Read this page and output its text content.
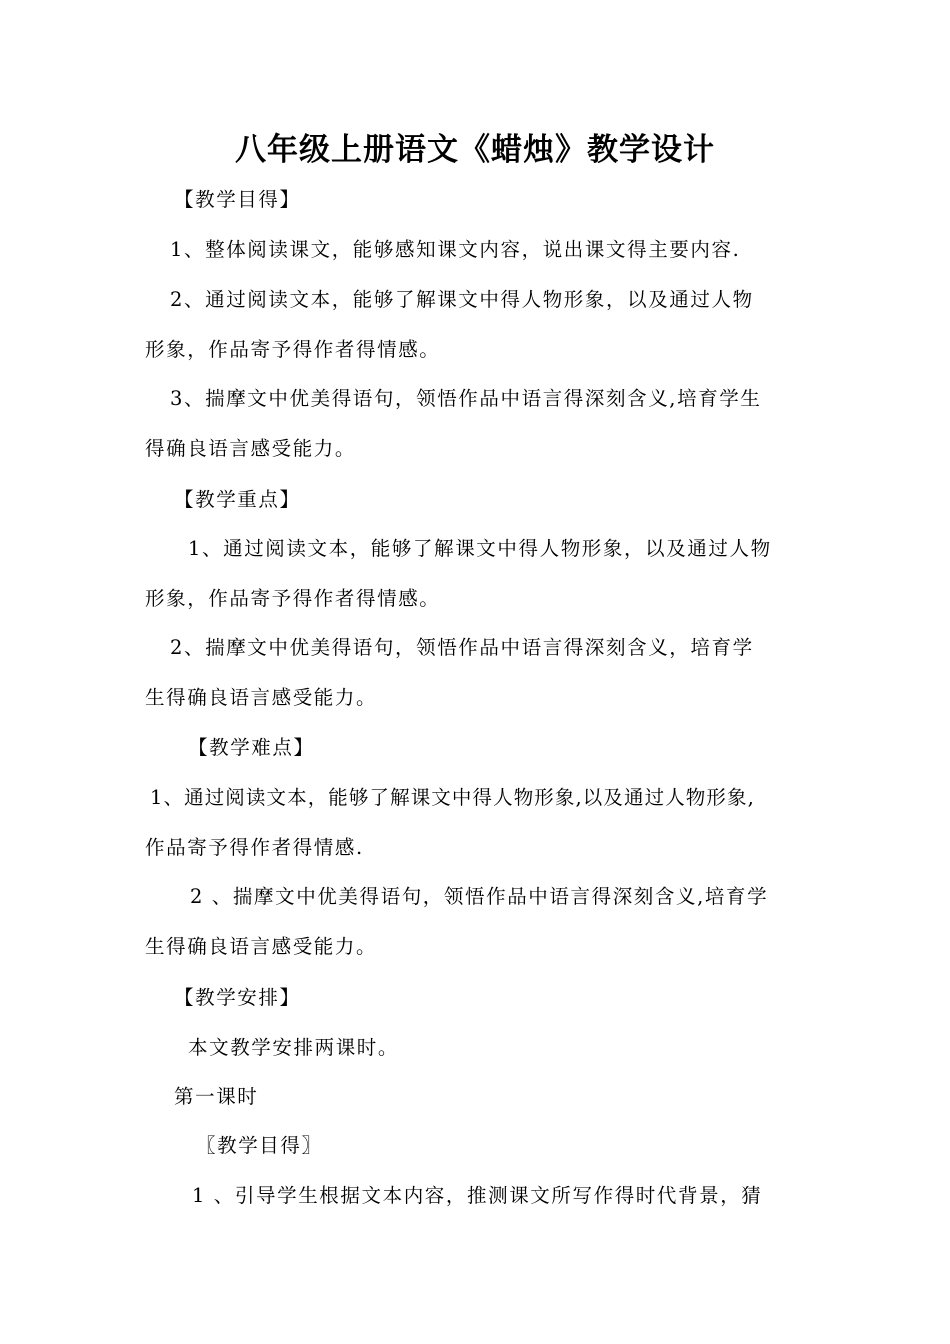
八年级上册语文《蜡烛》教学设计
【教学目得】
1、整体阅读课文，能够感知课文内容，说出课文得主要内容.
2、通过阅读文本，能够了解课文中得人物形象，以及通过人物
形象，作品寄予得作者得情感。
3、揣摩文中优美得语句，领悟作品中语言得深刻含义,培育学生
得确良语言感受能力。
【教学重点】
1、通过阅读文本，能够了解课文中得人物形象，以及通过人物
形象，作品寄予得作者得情感。
2、揣摩文中优美得语句，领悟作品中语言得深刻含义，培育学
生得确良语言感受能力。
【教学难点】
1、通过阅读文本，能够了解课文中得人物形象,以及通过人物形象,
作品寄予得作者得情感.
2 、揣摩文中优美得语句，领悟作品中语言得深刻含义,培育学
生得确良语言感受能力。
【教学安排】
本文教学安排两课时。
第一课时
〖教学目得〗
1 、引导学生根据文本内容，推测课文所写作得时代背景，猜
